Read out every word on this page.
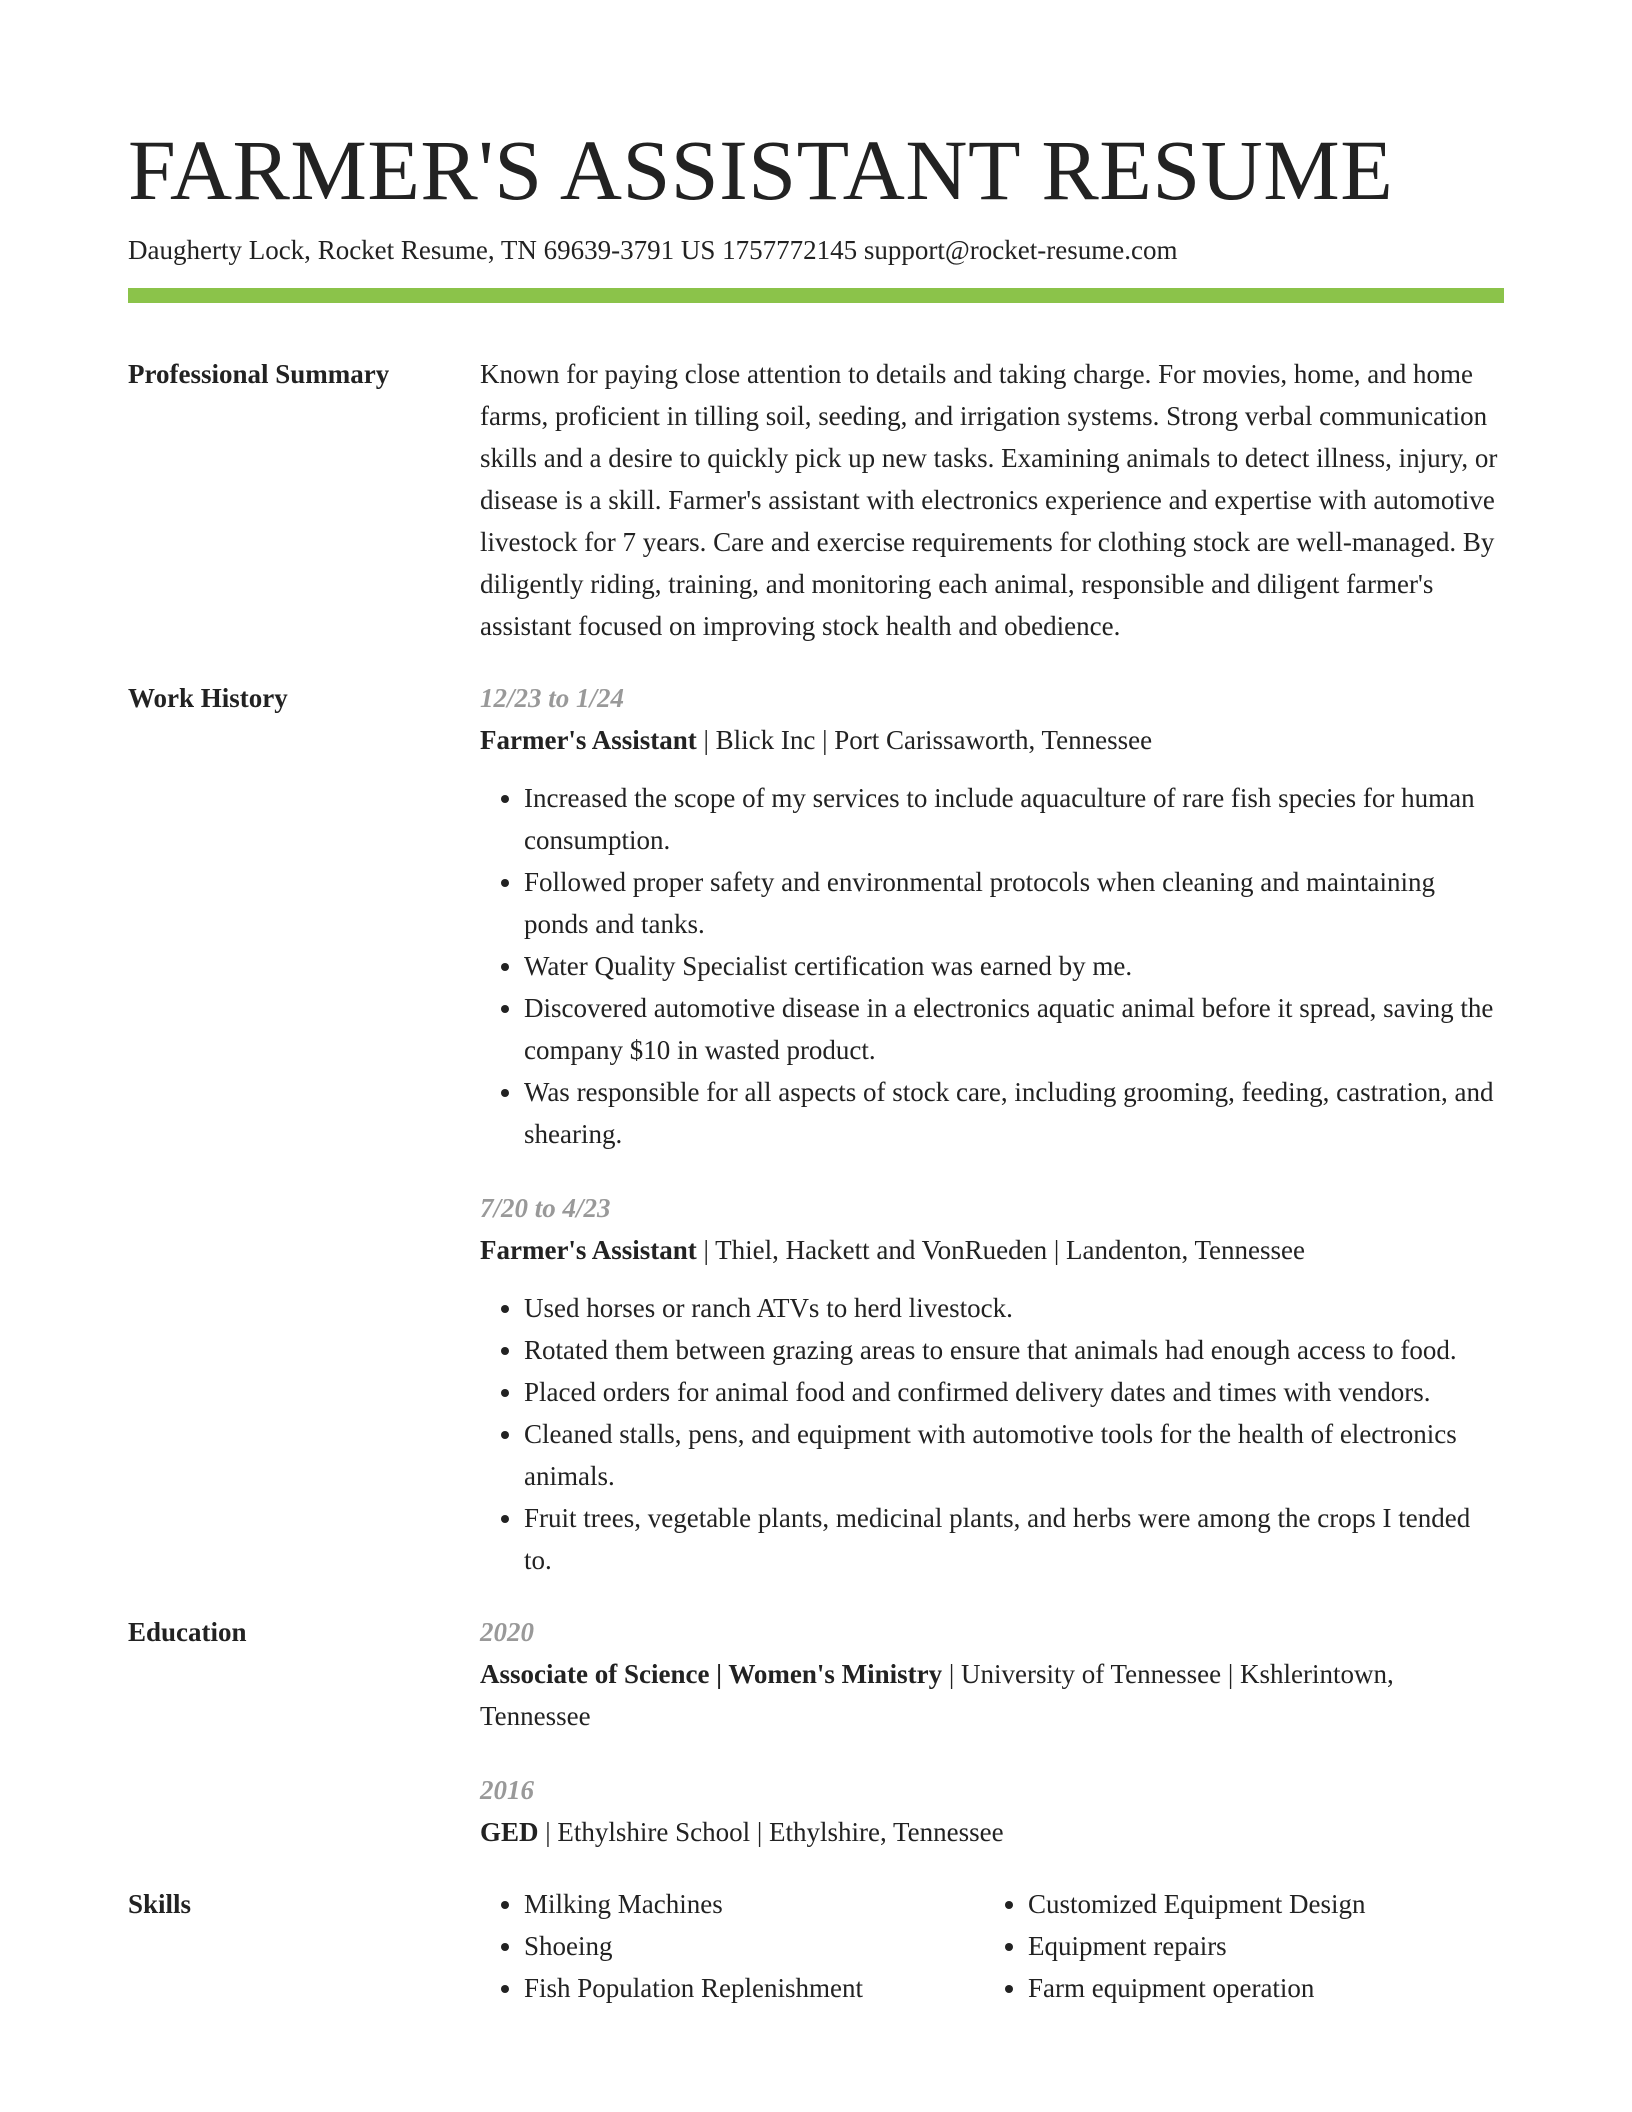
FARMER'S ASSISTANT RESUME
Daugherty Lock, Rocket Resume, TN 69639-3791 US 1757772145 support@rocket-resume.com
Professional Summary	Known for paying close attention to details and taking charge. For movies, home, and home farms, proficient in tilling soil, seeding, and irrigation systems. Strong verbal communication skills and a desire to quickly pick up new tasks. Examining animals to detect illness, injury, or disease is a skill. Farmer's assistant with electronics experience and expertise with automotive livestock for 7 years. Care and exercise requirements for clothing stock are well-managed. By diligently riding, training, and monitoring each animal, responsible and diligent farmer's assistant focused on improving stock health and obedience.
Work History	12/23 to 1/24
Farmer's Assistant | Blick Inc | Port Carissaworth, Tennessee
• Increased the scope of my services to include aquaculture of rare fish species for human consumption.
• Followed proper safety and environmental protocols when cleaning and maintaining ponds and tanks.
• Water Quality Specialist certification was earned by me.
• Discovered automotive disease in a electronics aquatic animal before it spread, saving the company $10 in wasted product.
• Was responsible for all aspects of stock care, including grooming, feeding, castration, and shearing.
7/20 to 4/23
Farmer's Assistant | Thiel, Hackett and VonRueden | Landenton, Tennessee
• Used horses or ranch ATVs to herd livestock.
• Rotated them between grazing areas to ensure that animals had enough access to food.
• Placed orders for animal food and confirmed delivery dates and times with vendors.
• Cleaned stalls, pens, and equipment with automotive tools for the health of electronics animals.
• Fruit trees, vegetable plants, medicinal plants, and herbs were among the crops I tended to.
Education	2020
Associate of Science | Women's Ministry | University of Tennessee | Kshlerintown, Tennessee
2016
GED | Ethylshire School | Ethylshire, Tennessee
Skills
•	Milking Machines
• Shoeing
• Fish Population Replenishment
• Customized Equipment Design
• Equipment repairs
• Farm equipment operation
